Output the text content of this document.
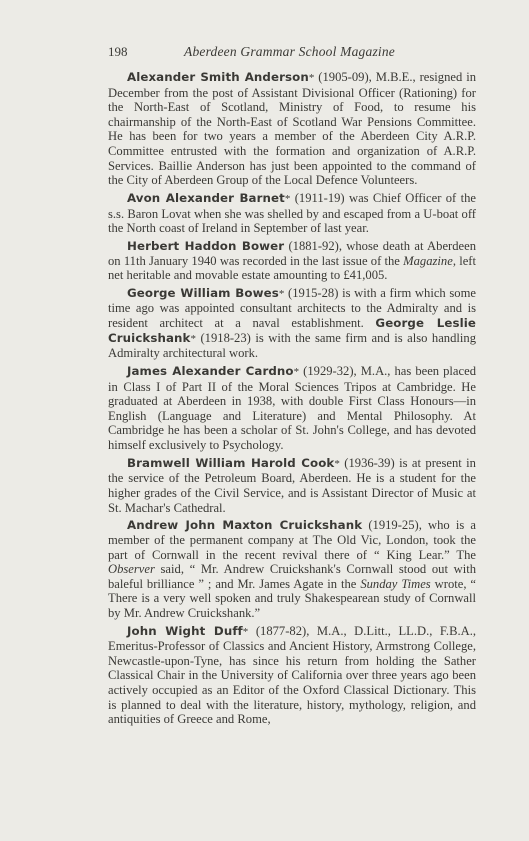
198	Aberdeen Grammar School Magazine

Alexander Smith Anderson* (1905-09), M.B.E., resigned in December from the post of Assistant Divisional Officer (Rationing) for the North-East of Scotland, Ministry of Food, to resume his chairmanship of the North-East of Scotland War Pensions Committee. He has been for two years a member of the Aberdeen City A.R.P. Committee entrusted with the formation and organization of A.R.P. Services. Baillie Anderson has just been appointed to the command of the City of Aberdeen Group of the Local Defence Volunteers.

Avon Alexander Barnet* (1911-19) was Chief Officer of the s.s. Baron Lovat when she was shelled by and escaped from a U-boat off the North coast of Ireland in September of last year.

Herbert Haddon Bower (1881-92), whose death at Aberdeen on 11th January 1940 was recorded in the last issue of the Magazine, left net heritable and movable estate amounting to £41,005.

George William Bowes* (1915-28) is with a firm which some time ago was appointed consultant architects to the Admiralty and is resident architect at a naval establishment. George Leslie Cruickshank* (1918-23) is with the same firm and is also handling Admiralty architectural work.

James Alexander Cardno* (1929-32), M.A., has been placed in Class I of Part II of the Moral Sciences Tripos at Cambridge. He graduated at Aberdeen in 1938, with double First Class Honours—in English (Language and Literature) and Mental Philosophy. At Cambridge he has been a scholar of St. John's College, and has devoted himself exclusively to Psychology.

Bramwell William Harold Cook* (1936-39) is at present in the service of the Petroleum Board, Aberdeen. He is a student for the higher grades of the Civil Service, and is Assistant Director of Music at St. Machar's Cathedral.

Andrew John Maxton Cruickshank (1919-25), who is a member of the permanent company at The Old Vic, London, took the part of Cornwall in the recent revival there of “ King Lear.” The Observer said, “ Mr. Andrew Cruickshank's Cornwall stood out with baleful brilliance ” ; and Mr. James Agate in the Sunday Times wrote, “ There is a very well spoken and truly Shakespearean study of Cornwall by Mr. Andrew Cruickshank.”

John Wight Duff* (1877-82), M.A., D.Litt., LL.D., F.B.A., Emeritus-Professor of Classics and Ancient History, Armstrong College, Newcastle-upon-Tyne, has since his return from holding the Sather Classical Chair in the University of California over three years ago been actively occupied as an Editor of the Oxford Classical Dictionary. This is planned to deal with the literature, history, mythology, religion, and antiquities of Greece and Rome,
